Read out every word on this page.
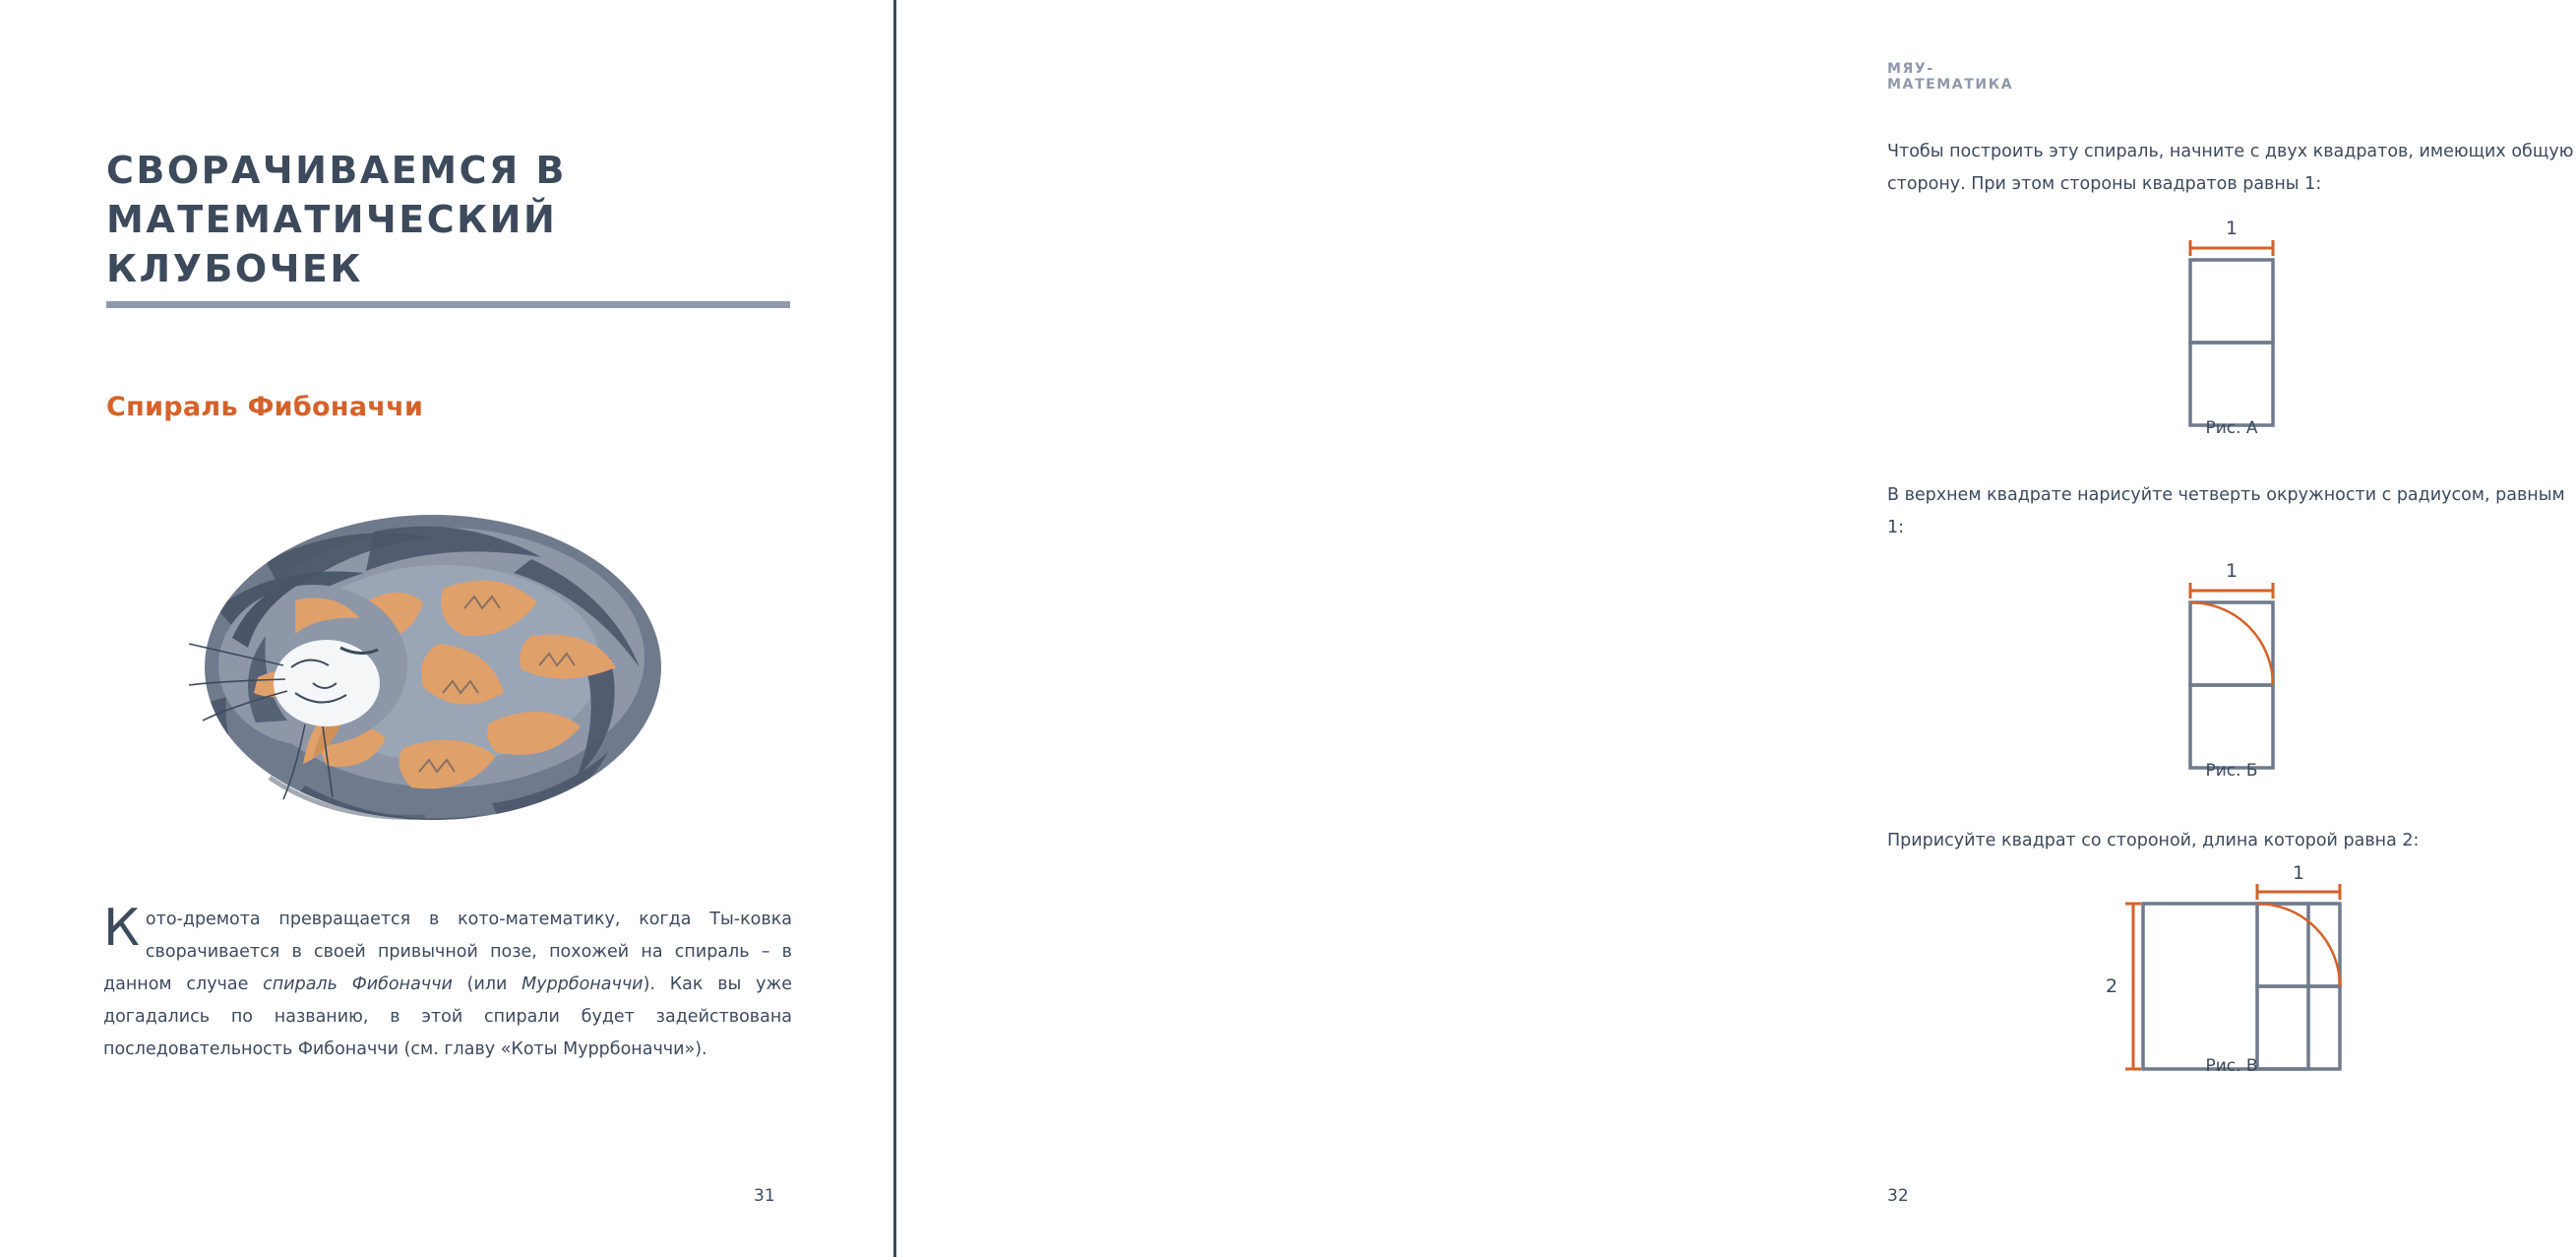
СВОРАЧИВАЕМСЯ В МАТЕМАТИЧЕСКИЙ КЛУБОЧЕК
Спираль Фибоначчи
Кото-дремота превращается в кото-математику, когда Ты-ковка сворачивается в своей привычной позе, похожей на спираль – в данном случае спираль Фибоначчи (или Муррбоначчи). Как вы уже догадались по названию, в этой спирали будет задействована последовательность Фибоначчи (см. главу «Коты Муррбоначчи»).
31
МЯУ-МАТЕМАТИКА
Чтобы построить эту спираль, начните с двух квадратов, имеющих общую сторону. При этом стороны квадратов равны 1:
1
Рис. А
В верхнем квадрате нарисуйте четверть окружности с радиусом, равным 1:
1
Рис. Б
Пририсуйте квадрат со стороной, длина которой равна 2:
1
2
Рис. В
32
